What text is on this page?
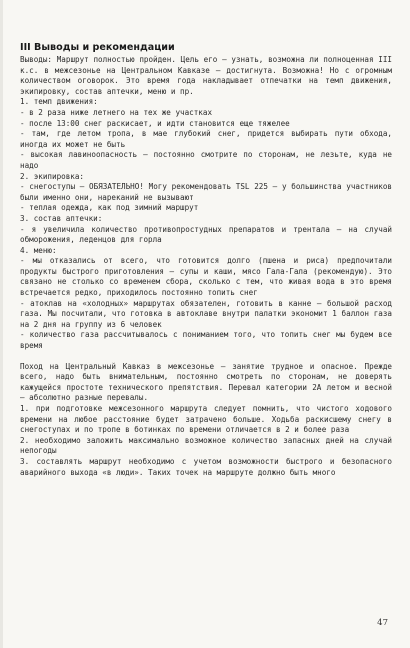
III Выводы и рекомендации
Выводы: Маршрут полностью пройден. Цель его – узнать, возможна ли полноценная III к.с. в межсезонье на Центральном Кавказе – достигнута. Возможна! Но с огромным количеством оговорок. Это время года накладывает отпечатки на темп движения, экипировку, состав аптечки, меню и пр.
1. темп движения:
- в 2 раза ниже летнего на тех же участках
- после 13:00 снег раскисает, и идти становится еще тяжелее
- там, где летом тропа, в мае глубокий снег, придется выбирать пути обхода, иногда их может не быть
- высокая лавиноопасность – постоянно смотрите по сторонам, не лезьте, куда не надо
2. экипировка:
- снегоступы – ОБЯЗАТЕЛЬНО! Могу рекомендовать TSL 225 – у большинства участников были именно они, нареканий не вызывают
- теплая одежда, как под зимний маршрут
3. состав аптечки:
- я увеличила количество противопростудных препаратов и трентала – на случай обморожения, леденцов для горла
4. меню:
- мы отказались от всего, что готовится долго (пшена и риса) предпочитали продукты быстрого приготовления – супы и каши, мясо Гала-Гала (рекомендую). Это связано не столько со временем сбора, сколько с тем, что живая вода в это время встречается редко, приходилось постоянно топить снег
- атоклав на «холодных» маршрутах обязателен, готовить в канне – большой расход газа. Мы посчитали, что готовка в автоклаве внутри палатки экономит 1 баллон газа на 2 дня на группу из 6 человек
- количество газа рассчитывалось с пониманием того, что топить снег мы будем все время
Поход на Центральный Кавказ в межсезонье – занятие трудное и опасное. Прежде всего, надо быть внимательным, постоянно смотреть по сторонам, не доверять кажущейся простоте технического препятствия. Перевал категории 2А летом и весной – абсолютно разные перевалы.
1. при подготовке межсезонного маршрута следует помнить, что чистого ходового времени на любое расстояние будет затрачено больше. Ходьба раскисшему снегу в снегоступах и по тропе в ботинках по времени отличается в 2 и более раза
2. необходимо заложить максимально возможное количество запасных дней на случай непогоды
3. составлять маршрут необходимо с учетом возможности быстрого и безопасного аварийного выхода «в люди». Таких точек на маршруте должно быть много
47
